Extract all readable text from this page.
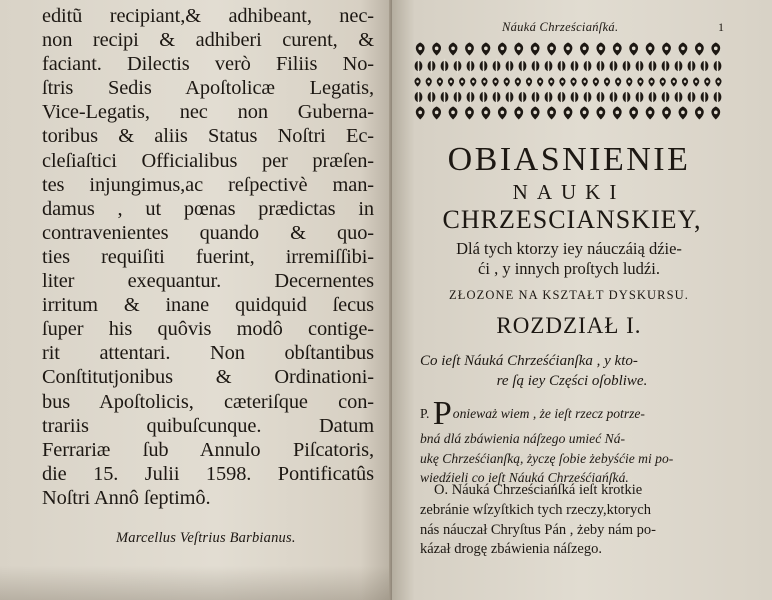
editũ recipiant,& adhibeant, nec-
non recipi & adhiberi curent, &
faciant. Dilectis verò Filiis No-
ſtris Sedis Apoſtolicæ Legatis,
Vice-Legatis, nec non Guberna-
toribus & aliis Status Noſtri Ec-
cleſiaſtici Officialibus per præſen-
tes injungimus,ac reſpectivè man-
damus , ut pœnas prædictas in
contravenientes quando & quo-
ties requiſiti fuerint, irremiſſibi-
liter exequantur. Decernentes
irritum & inane quidquid ſecus
ſuper his quôvis modô contige-
rit attentari. Non obſtantibus
Conſtitutjonibus & Ordinationi-
bus Apoſtolicis, cæteriſque con-
trariis quibuſcunque. Datum
Ferrariæ ſub Annulo Piſcatoris,
die 15. Julii 1598. Pontificatûs
Noſtri Annô ſeptimô.
Marcellus Veſtrius Barbianus.
Náuká Chrześciańſká.	1
OBIASNIENIE
NAUKI
CHRZESCIANSKIEY,
Dlá tych ktorzy iey náuczáią dźie-
ći , y innych proſtych ludźi.
ZŁOZONE NA KSZTAŁT DYSKURSU.
ROZDZIAŁ I.
Co ieſt Náuká Chrześćianſka , y kto-
re ſą iey Części oſobliwe.
P. Ponieważ wiem , że ieſt rzecz potrze-
bná dlá zbáwienia náſzego umieć Ná-
ukę Chrześćianſką, życzę ſobie żebyśćie mi po-
wiedźieli co ieſt Náuká Chrześćiańſká.
O. Náuká Chrześciańſká ieſt krotkie
zebránie wſzyſtkich tych rzeczy,ktorych
nás náuczał Chryſtus Pán , żeby nám po-
kázał drogę zbáwienia náſzego.
